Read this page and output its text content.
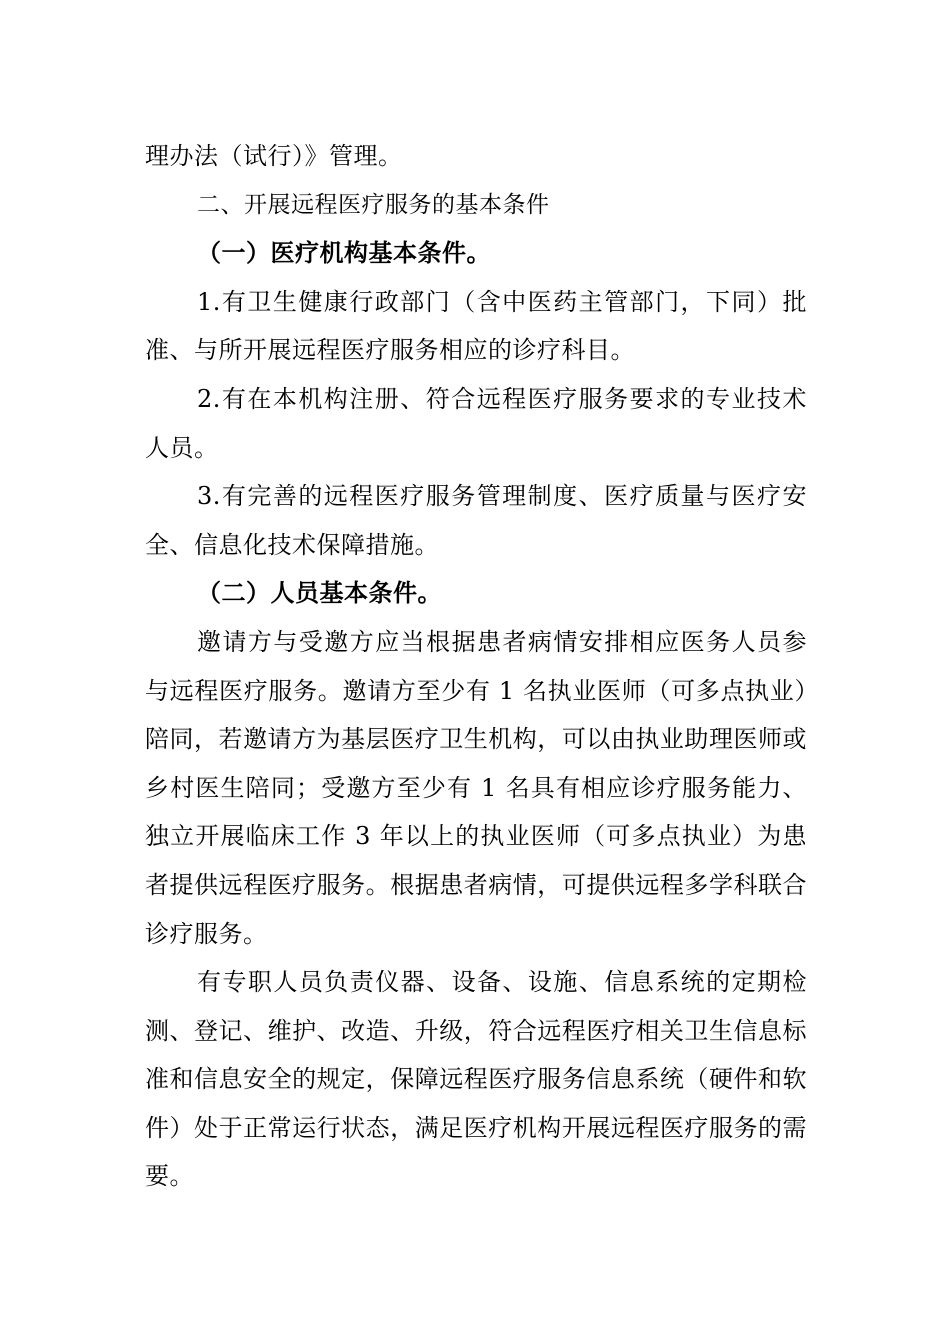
理办法（试行）》管理。

二、开展远程医疗服务的基本条件

（一）医疗机构基本条件。

1.有卫生健康行政部门（含中医药主管部门，下同）批准、与所开展远程医疗服务相应的诊疗科目。

2.有在本机构注册、符合远程医疗服务要求的专业技术人员。

3.有完善的远程医疗服务管理制度、医疗质量与医疗安全、信息化技术保障措施。

（二）人员基本条件。

邀请方与受邀方应当根据患者病情安排相应医务人员参与远程医疗服务。邀请方至少有 1 名执业医师（可多点执业）陪同，若邀请方为基层医疗卫生机构，可以由执业助理医师或乡村医生陪同；受邀方至少有 1 名具有相应诊疗服务能力、独立开展临床工作 3 年以上的执业医师（可多点执业）为患者提供远程医疗服务。根据患者病情，可提供远程多学科联合诊疗服务。

有专职人员负责仪器、设备、设施、信息系统的定期检测、登记、维护、改造、升级，符合远程医疗相关卫生信息标准和信息安全的规定，保障远程医疗服务信息系统（硬件和软件）处于正常运行状态，满足医疗机构开展远程医疗服务的需要。
